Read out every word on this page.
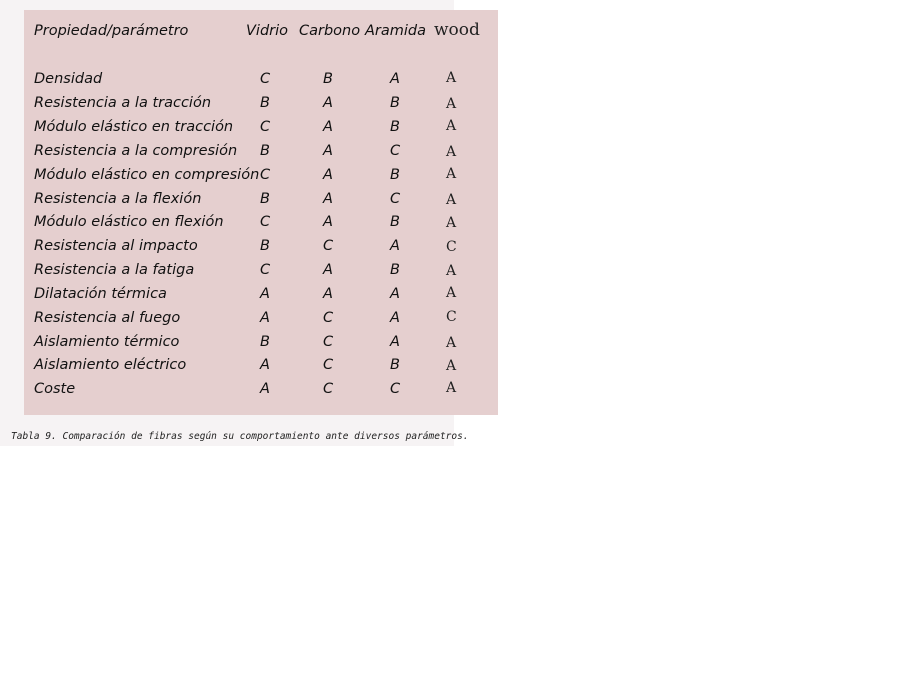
Propiedad/parámetro	Vidrio Carbono Aramida wood
Densidad	C	B	A	A
Resistencia a la tracción	B	A	B	A
Módulo elástico en tracción C	A	B	A
Resistencia a la compresión B	A	C	A
Módulo elástico en compresión C	A	B	A
Resistencia a la flexión	B	A	C	A
Módulo elástico en flexión	C	A	B	A
Resistencia al impacto	B	C	A	C
Resistencia a la fatiga	C	A	B	A
Dilatación térmica	A	A	A	A
Resistencia al fuego	A	C	A	C
Aislamiento térmico	B	C	A	A
Aislamiento eléctrico	A	C	B	A
Coste	A	C	C	A
Tabla 9. Comparación de fibras según su comportamiento ante diversos parámetros.
